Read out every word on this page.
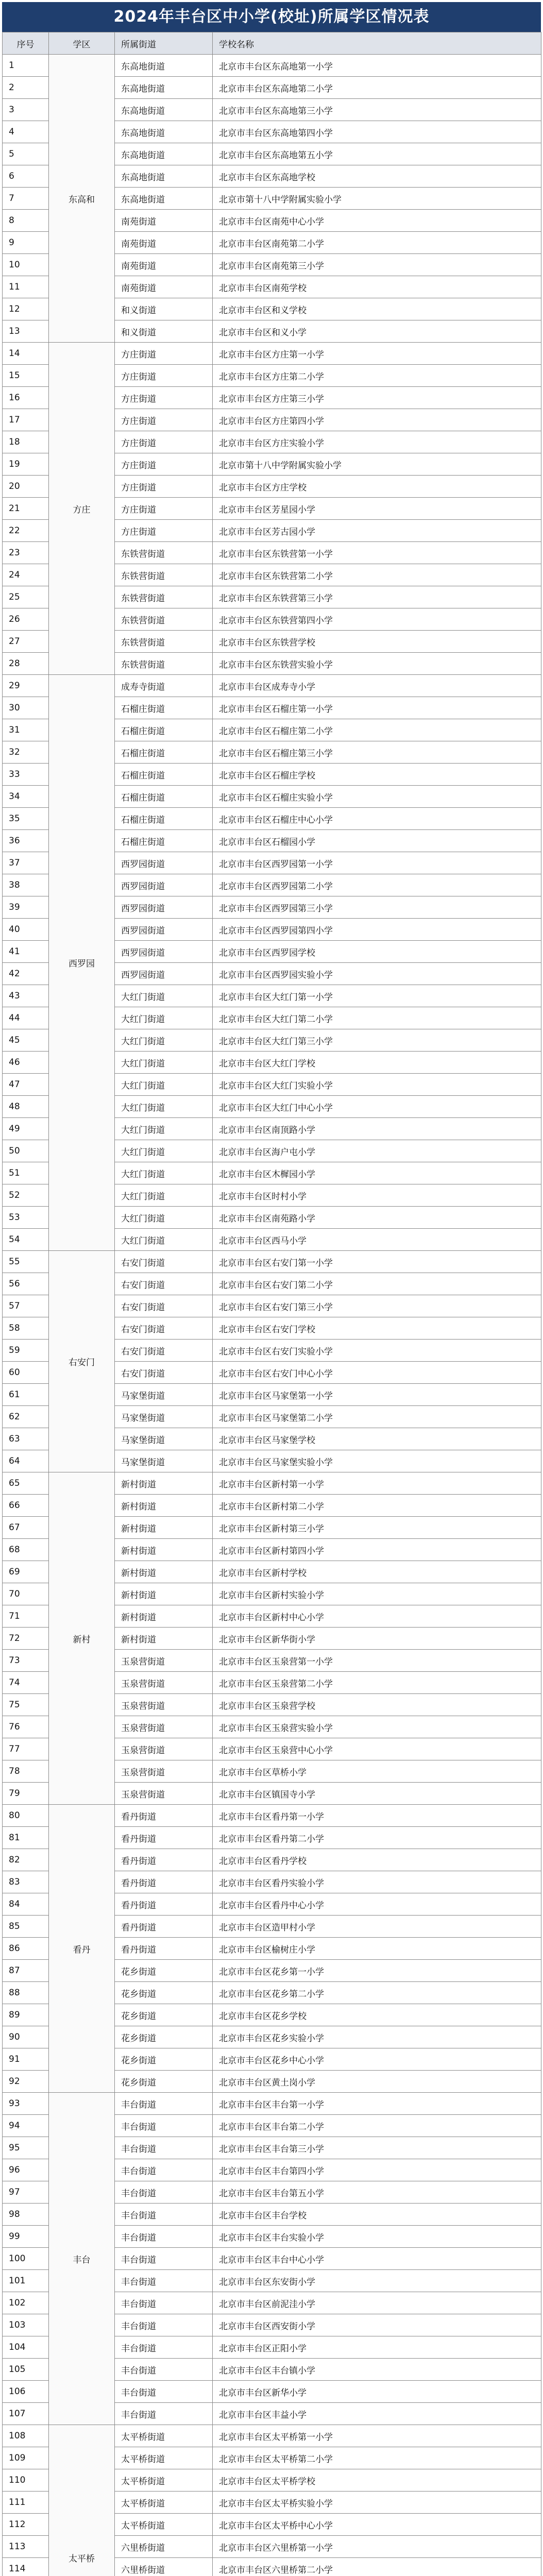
2024年丰台区中小学(校址)所属学区情况表
序号	学区	所属街道	学校名称
1	东高和	东高地街道	北京市丰台区东高地第一小学
2		东高地街道	北京市丰台区东高地第二小学
3		东高地街道	北京市丰台区东高地第三小学
4		东高地街道	北京市丰台区东高地第四小学
5		东高地街道	北京市丰台区东高地第五小学
6		东高地街道	北京市丰台区东高地学校
7		东高地街道	北京市第十八中学附属实验小学
8		南苑街道	北京市丰台区南苑中心小学
9		南苑街道	北京市丰台区南苑第二小学
10		南苑街道	北京市丰台区南苑第三小学
11		南苑街道	北京市丰台区南苑学校
12		和义街道	北京市丰台区和义学校
13		和义街道	北京市丰台区和义小学
14	方庄	方庄街道	北京市丰台区方庄第一小学
15		方庄街道	北京市丰台区方庄第二小学
16		方庄街道	北京市丰台区方庄第三小学
17		方庄街道	北京市丰台区方庄第四小学
18		方庄街道	北京市丰台区方庄实验小学
19		方庄街道	北京市第十八中学附属实验小学
20		方庄街道	北京市丰台区方庄学校
21		方庄街道	北京市丰台区芳星园小学
22		方庄街道	北京市丰台区芳古园小学
23		东铁营街道	北京市丰台区东铁营第一小学
24		东铁营街道	北京市丰台区东铁营第二小学
25		东铁营街道	北京市丰台区东铁营第三小学
26		东铁营街道	北京市丰台区东铁营第四小学
27		东铁营街道	北京市丰台区东铁营学校
28		东铁营街道	北京市丰台区东铁营实验小学
29	西罗园	成寿寺街道	北京市丰台区成寿寺小学
30		石榴庄街道	北京市丰台区石榴庄第一小学
31		石榴庄街道	北京市丰台区石榴庄第二小学
32		石榴庄街道	北京市丰台区石榴庄第三小学
33		石榴庄街道	北京市丰台区石榴庄学校
34		石榴庄街道	北京市丰台区石榴庄实验小学
35		石榴庄街道	北京市丰台区石榴庄中心小学
36		石榴庄街道	北京市丰台区石榴园小学
37		西罗园街道	北京市丰台区西罗园第一小学
38		西罗园街道	北京市丰台区西罗园第二小学
39		西罗园街道	北京市丰台区西罗园第三小学
40		西罗园街道	北京市丰台区西罗园第四小学
41		西罗园街道	北京市丰台区西罗园学校
42		西罗园街道	北京市丰台区西罗园实验小学
43		大红门街道	北京市丰台区大红门第一小学
44		大红门街道	北京市丰台区大红门第二小学
45		大红门街道	北京市丰台区大红门第三小学
46		大红门街道	北京市丰台区大红门学校
47		大红门街道	北京市丰台区大红门实验小学
48		大红门街道	北京市丰台区大红门中心小学
49		大红门街道	北京市丰台区南顶路小学
50		大红门街道	北京市丰台区海户屯小学
51		大红门街道	北京市丰台区木樨园小学
52		大红门街道	北京市丰台区时村小学
53		大红门街道	北京市丰台区南苑路小学
54		大红门街道	北京市丰台区西马小学
55	右安门	右安门街道	北京市丰台区右安门第一小学
56		右安门街道	北京市丰台区右安门第二小学
57		右安门街道	北京市丰台区右安门第三小学
58		右安门街道	北京市丰台区右安门学校
59		右安门街道	北京市丰台区右安门实验小学
60		右安门街道	北京市丰台区右安门中心小学
61		马家堡街道	北京市丰台区马家堡第一小学
62		马家堡街道	北京市丰台区马家堡第二小学
63		马家堡街道	北京市丰台区马家堡学校
64		马家堡街道	北京市丰台区马家堡实验小学
65	新村	新村街道	北京市丰台区新村第一小学
66		新村街道	北京市丰台区新村第二小学
67		新村街道	北京市丰台区新村第三小学
68		新村街道	北京市丰台区新村第四小学
69		新村街道	北京市丰台区新村学校
70		新村街道	北京市丰台区新村实验小学
71		新村街道	北京市丰台区新村中心小学
72		新村街道	北京市丰台区新华街小学
73		玉泉营街道	北京市丰台区玉泉营第一小学
74		玉泉营街道	北京市丰台区玉泉营第二小学
75		玉泉营街道	北京市丰台区玉泉营学校
76		玉泉营街道	北京市丰台区玉泉营实验小学
77		玉泉营街道	北京市丰台区玉泉营中心小学
78		玉泉营街道	北京市丰台区草桥小学
79		玉泉营街道	北京市丰台区镇国寺小学
80	看丹	看丹街道	北京市丰台区看丹第一小学
81		看丹街道	北京市丰台区看丹第二小学
82		看丹街道	北京市丰台区看丹学校
83		看丹街道	北京市丰台区看丹实验小学
84		看丹街道	北京市丰台区看丹中心小学
85		看丹街道	北京市丰台区造甲村小学
86		看丹街道	北京市丰台区榆树庄小学
87		花乡街道	北京市丰台区花乡第一小学
88		花乡街道	北京市丰台区花乡第二小学
89		花乡街道	北京市丰台区花乡学校
90		花乡街道	北京市丰台区花乡实验小学
91		花乡街道	北京市丰台区花乡中心小学
92		花乡街道	北京市丰台区黄土岗小学
93	丰台	丰台街道	北京市丰台区丰台第一小学
94		丰台街道	北京市丰台区丰台第二小学
95		丰台街道	北京市丰台区丰台第三小学
96		丰台街道	北京市丰台区丰台第四小学
97		丰台街道	北京市丰台区丰台第五小学
98		丰台街道	北京市丰台区丰台学校
99		丰台街道	北京市丰台区丰台实验小学
100		丰台街道	北京市丰台区丰台中心小学
101		丰台街道	北京市丰台区东安街小学
102		丰台街道	北京市丰台区前泥洼小学
103		丰台街道	北京市丰台区西安街小学
104		丰台街道	北京市丰台区正阳小学
105		丰台街道	北京市丰台区丰台镇小学
106		丰台街道	北京市丰台区新华小学
107		丰台街道	北京市丰台区丰益小学
108	太平桥	太平桥街道	北京市丰台区太平桥第一小学
109		太平桥街道	北京市丰台区太平桥第二小学
110		太平桥街道	北京市丰台区太平桥学校
111		太平桥街道	北京市丰台区太平桥实验小学
112		太平桥街道	北京市丰台区太平桥中心小学
113		六里桥街道	北京市丰台区六里桥第一小学
114		六里桥街道	北京市丰台区六里桥第二小学
